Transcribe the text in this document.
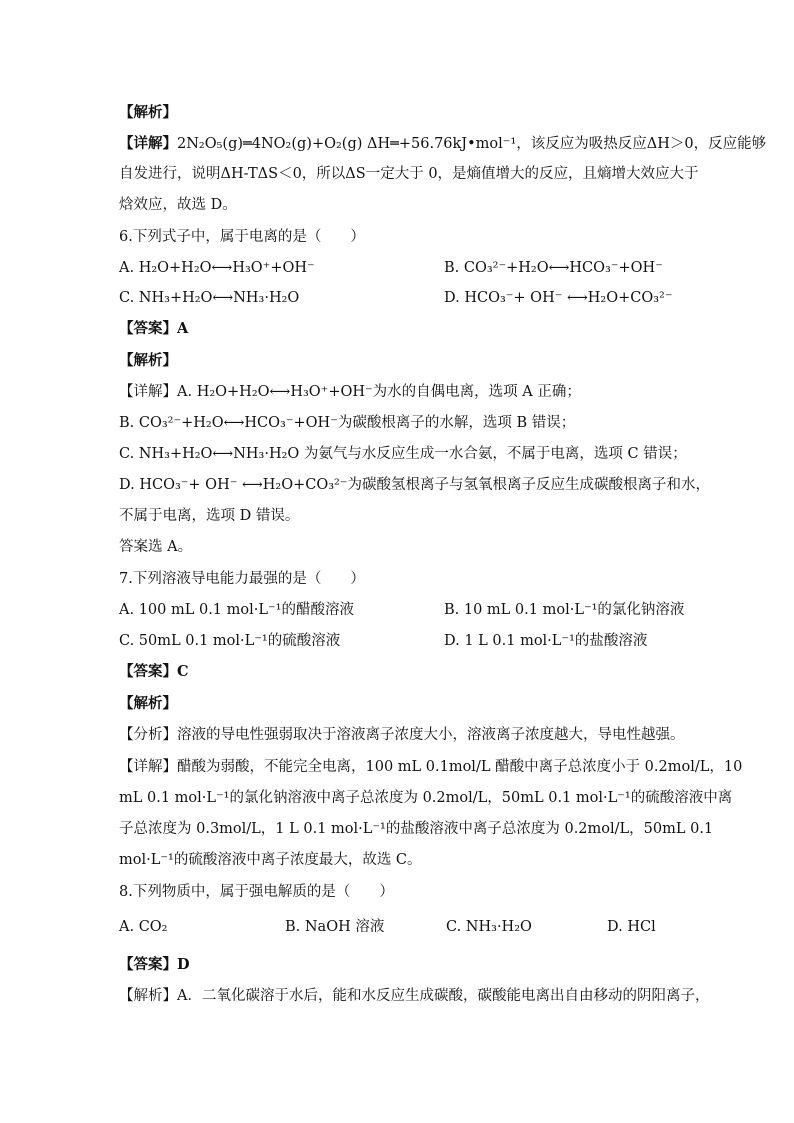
【解析】
【详解】2N₂O₅(g)═4NO₂(g)+O₂(g) ΔH═+56.76kJ•mol⁻¹，该反应为吸热反应ΔH＞0，反应能够
自发进行，说明ΔH-TΔS＜0，所以ΔS一定大于 0，是熵值增大的反应，且熵增大效应大于
焓效应，故选 D。
6.下列式子中，属于电离的是（　　）
A. H₂O+H₂O⟷H₃O⁺+OH⁻	B. CO₃²⁻+H₂O⟷HCO₃⁻+OH⁻
C. NH₃+H₂O⟷NH₃·H₂O	D. HCO₃⁻+ OH⁻ ⟷H₂O+CO₃²⁻
【答案】A
【解析】
【详解】A. H₂O+H₂O⟷H₃O⁺+OH⁻为水的自偶电离，选项 A 正确；
B. CO₃²⁻+H₂O⟷HCO₃⁻+OH⁻为碳酸根离子的水解，选项 B 错误；
C. NH₃+H₂O⟷NH₃·H₂O 为氨气与水反应生成一水合氨，不属于电离，选项 C 错误；
D. HCO₃⁻+ OH⁻ ⟷H₂O+CO₃²⁻为碳酸氢根离子与氢氧根离子反应生成碳酸根离子和水，
不属于电离，选项 D 错误。
答案选 A。
7.下列溶液导电能力最强的是（　　）
A. 100 mL 0.1 mol·L⁻¹的醋酸溶液	B. 10 mL 0.1 mol·L⁻¹的氯化钠溶液
C. 50mL 0.1 mol·L⁻¹的硫酸溶液	D. 1 L 0.1 mol·L⁻¹的盐酸溶液
【答案】C
【解析】
【分析】溶液的导电性强弱取决于溶液离子浓度大小，溶液离子浓度越大，导电性越强。
【详解】醋酸为弱酸，不能完全电离，100 mL 0.1mol/L 醋酸中离子总浓度小于 0.2mol/L，10
mL 0.1 mol·L⁻¹的氯化钠溶液中离子总浓度为 0.2mol/L，50mL 0.1 mol·L⁻¹的硫酸溶液中离
子总浓度为 0.3mol/L，1 L 0.1 mol·L⁻¹的盐酸溶液中离子总浓度为 0.2mol/L，50mL 0.1
mol·L⁻¹的硫酸溶液中离子浓度最大，故选 C。
8.下列物质中，属于强电解质的是（　　）
A. CO₂	B. NaOH 溶液	C. NH₃·H₂O	D. HCl
【答案】D
【解析】A．二氧化碳溶于水后，能和水反应生成碳酸，碳酸能电离出自由移动的阴阳离子，
